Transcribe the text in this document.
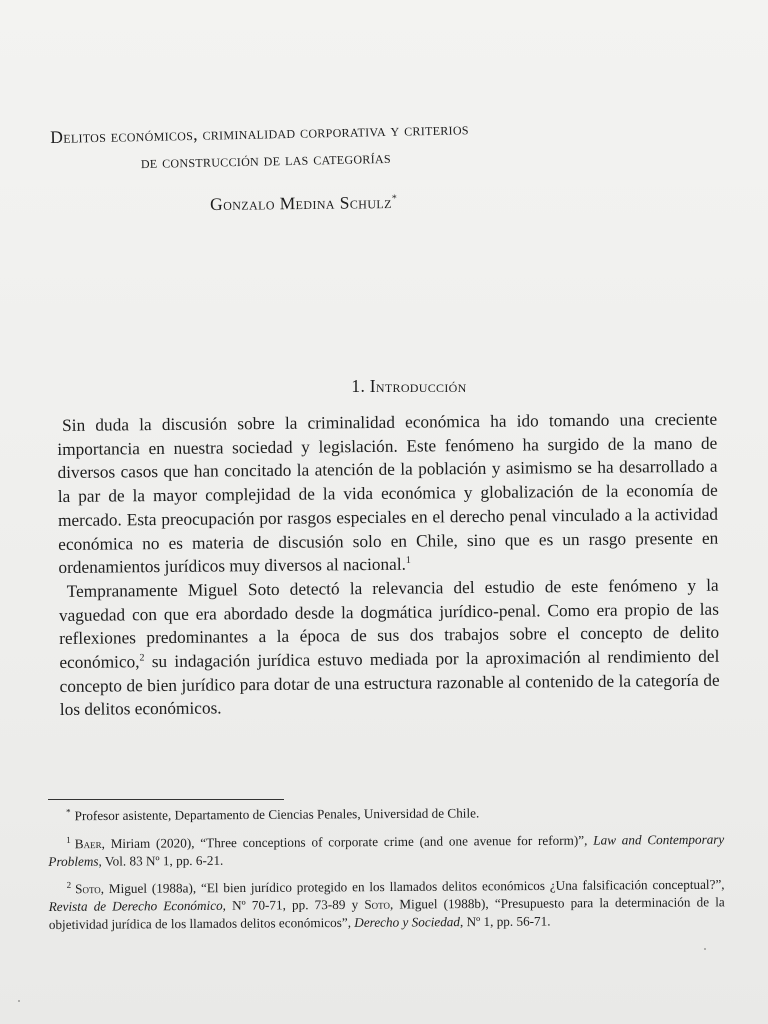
Delitos económicos, criminalidad corporativa y criterios
de construcción de las categorías
Gonzalo Medina Schulz*
1. Introducción

Sin duda la discusión sobre la criminalidad económica ha ido tomando una creciente importancia en nuestra sociedad y legislación. Este fenómeno ha surgido de la mano de diversos casos que han concitado la atención de la población y asimismo se ha desarrollado a la par de la mayor complejidad de la vida económica y globalización de la economía de mercado. Esta preocupación por rasgos especiales en el derecho penal vinculado a la actividad económica no es materia de discusión solo en Chile, sino que es un rasgo presente en ordenamientos jurídicos muy diversos al nacional.$^1$

Tempranamente Miguel Soto detectó la relevancia del estudio de este fenómeno y la vaguedad con que era abordado desde la dogmática jurídico-penal. Como era propio de las reflexiones predominantes a la época de sus dos trabajos sobre el concepto de delito económico,$^2$ su indagación jurídica estuvo mediada por la aproximación al rendimiento del concepto de bien jurídico para dotar de una estructura razonable al contenido de la categoría de los delitos económicos.

* Profesor asistente, Departamento de Ciencias Penales, Universidad de Chile.

$^1$ Baer, Miriam (2020), “Three conceptions of corporate crime (and one avenue for reform)”, Law and Contemporary Problems, Vol. 83 Nº 1, pp. 6-21.

$^2$ Soto, Miguel (1988a), “El bien jurídico protegido en los llamados delitos económicos ¿Una falsificación conceptual?”, Revista de Derecho Económico, Nº 70-71, pp. 73-89 y Soto, Miguel (1988b), “Presupuesto para la determinación de la objetividad jurídica de los llamados delitos económicos”, Derecho y Sociedad, Nº 1, pp. 56-71.
